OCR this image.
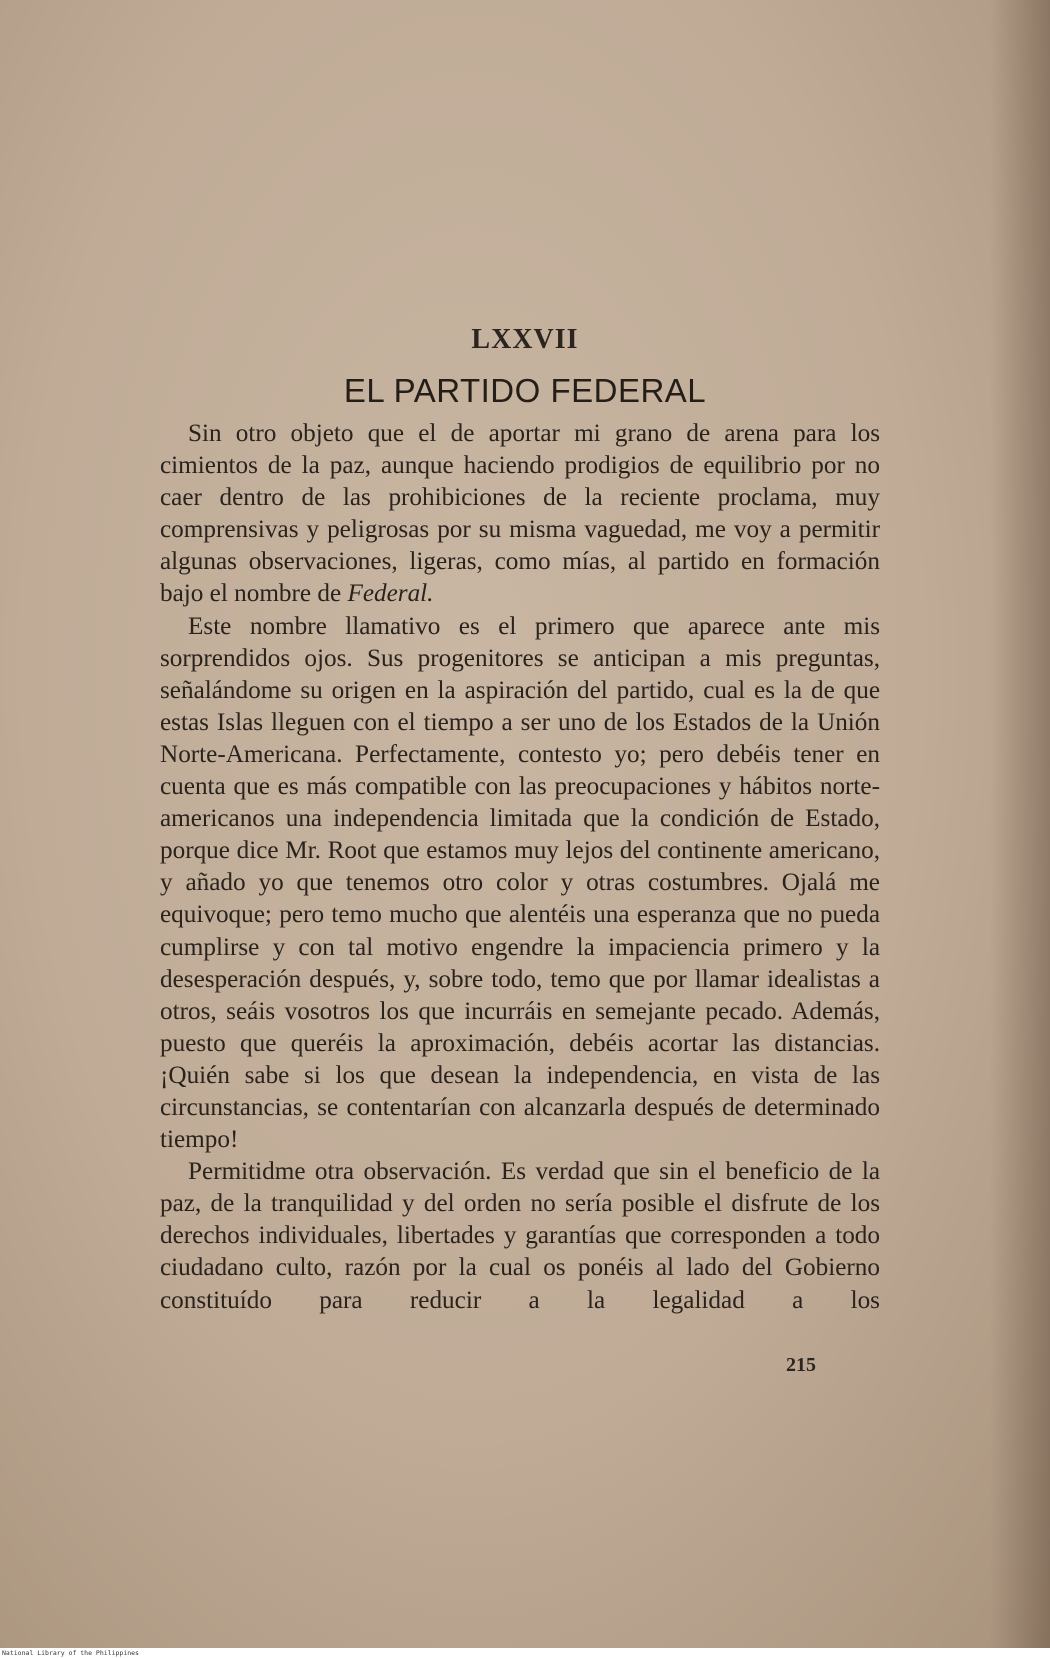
LXXVII
EL PARTIDO FEDERAL

Sin otro objeto que el de aportar mi grano de arena para los cimientos de la paz, aunque haciendo prodigios de equilibrio por no caer dentro de las prohibiciones de la reciente proclama, muy comprensivas y peligrosas por su misma vaguedad, me voy a permitir algunas observaciones, ligeras, como mías, al partido en formación bajo el nombre de Federal.

Este nombre llamativo es el primero que aparece ante mis sorprendidos ojos. Sus progenitores se anticipan a mis preguntas, señalándome su origen en la aspiración del partido, cual es la de que estas Islas lleguen con el tiempo a ser uno de los Estados de la Unión Norte-Americana. Perfectamente, contesto yo; pero debéis tener en cuenta que es más compatible con las preocupaciones y hábitos norte-americanos una independencia limitada que la condición de Estado, porque dice Mr. Root que estamos muy lejos del continente americano, y añado yo que tenemos otro color y otras costumbres. Ojalá me equivoque; pero temo mucho que alentéis una esperanza que no pueda cumplirse y con tal motivo engendre la impaciencia primero y la desesperación después, y, sobre todo, temo que por llamar idealistas a otros, seáis vosotros los que incurráis en semejante pecado. Además, puesto que queréis la aproximación, debéis acortar las distancias. ¡Quién sabe si los que desean la independencia, en vista de las circunstancias, se contentarían con alcanzarla después de determinado tiempo!

Permitidme otra observación. Es verdad que sin el beneficio de la paz, de la tranquilidad y del orden no sería posible el disfrute de los derechos individuales, libertades y garantías que corresponden a todo ciudadano culto, razón por la cual os ponéis al lado del Gobierno constituído para reducir a la legalidad a los

215
National Library of the Philippines
